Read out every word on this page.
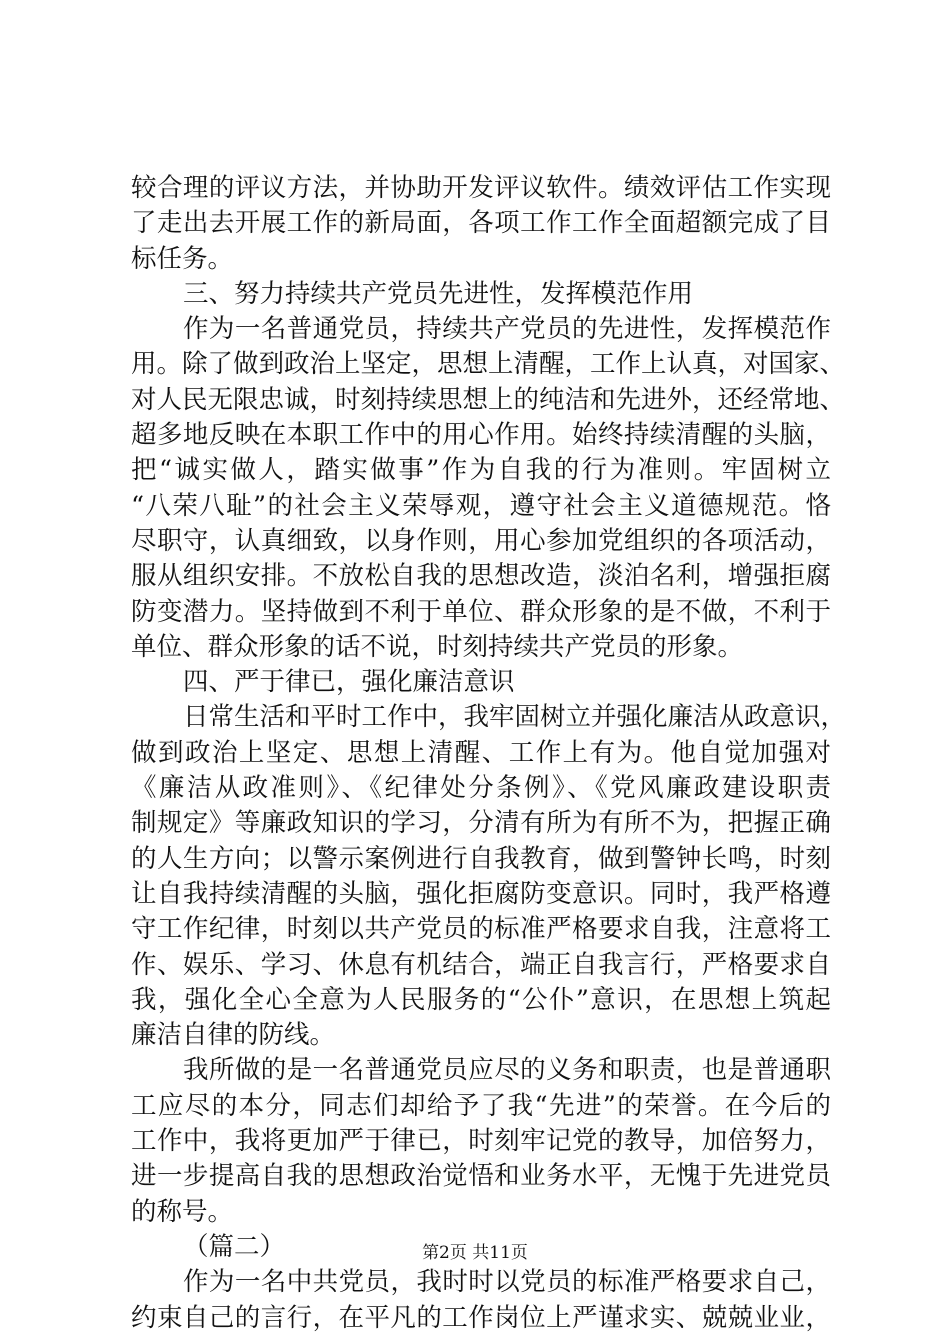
较合理的评议方法，并协助开发评议软件。绩效评估工作实现
了走出去开展工作的新局面，各项工作工作全面超额完成了目
标任务。
三、努力持续共产党员先进性，发挥模范作用
作为一名普通党员，持续共产党员的先进性，发挥模范作
用。除了做到政治上坚定，思想上清醒，工作上认真，对国家、
对人民无限忠诚，时刻持续思想上的纯洁和先进外，还经常地、
超多地反映在本职工作中的用心作用。始终持续清醒的头脑，
把“诚实做人，踏实做事”作为自我的行为准则。牢固树立
“八荣八耻”的社会主义荣辱观，遵守社会主义道德规范。恪
尽职守，认真细致，以身作则，用心参加党组织的各项活动，
服从组织安排。不放松自我的思想改造，淡泊名利，增强拒腐
防变潜力。坚持做到不利于单位、群众形象的是不做，不利于
单位、群众形象的话不说，时刻持续共产党员的形象。
四、严于律已，强化廉洁意识
日常生活和平时工作中，我牢固树立并强化廉洁从政意识，
做到政治上坚定、思想上清醒、工作上有为。他自觉加强对
《廉洁从政准则》、《纪律处分条例》、《党风廉政建设职责
制规定》等廉政知识的学习，分清有所为有所不为，把握正确
的人生方向；以警示案例进行自我教育，做到警钟长鸣，时刻
让自我持续清醒的头脑，强化拒腐防变意识。同时，我严格遵
守工作纪律，时刻以共产党员的标准严格要求自我，注意将工
作、娱乐、学习、休息有机结合，端正自我言行，严格要求自
我，强化全心全意为人民服务的“公仆”意识，在思想上筑起
廉洁自律的防线。
我所做的是一名普通党员应尽的义务和职责，也是普通职
工应尽的本分，同志们却给予了我“先进”的荣誉。在今后的
工作中，我将更加严于律已，时刻牢记党的教导，加倍努力，
进一步提高自我的思想政治觉悟和业务水平，无愧于先进党员
的称号。
（篇二）
作为一名中共党员，我时时以党员的标准严格要求自己，
约束自己的言行，在平凡的工作岗位上严谨求实、兢兢业业，
第2页 共11页
